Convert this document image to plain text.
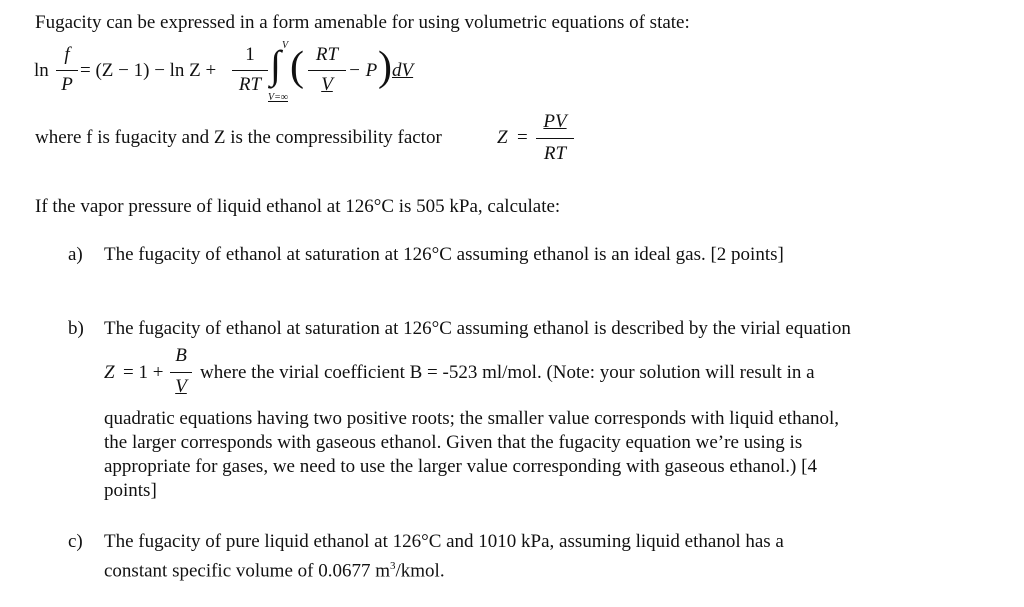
Fugacity can be expressed in a form amenable for using volumetric equations of state:
ln
f
P
= (Z − 1) − ln Z +
1
RT
V
∫
V=∞
( RT
V
− P ) dV
where f is fugacity and Z is the compressibility factor	Z =
PV
RT
If the vapor pressure of liquid ethanol at 126°C is 505 kPa, calculate:
a) The fugacity of ethanol at saturation at 126°C assuming ethanol is an ideal gas. [2 points]
b) The fugacity of ethanol at saturation at 126°C assuming ethanol is described by the virial equation
Z = 1 +
B
V
where the virial coefficient B = -523 ml/mol. (Note: your solution will result in a
quadratic equations having two positive roots; the smaller value corresponds with liquid ethanol,
the larger corresponds with gaseous ethanol. Given that the fugacity equation we’re using is
appropriate for gases, we need to use the larger value corresponding with gaseous ethanol.) [4
points]
c) The fugacity of pure liquid ethanol at 126°C and 1010 kPa, assuming liquid ethanol has a
constant specific volume of 0.0677 $m^3$/kmol.
